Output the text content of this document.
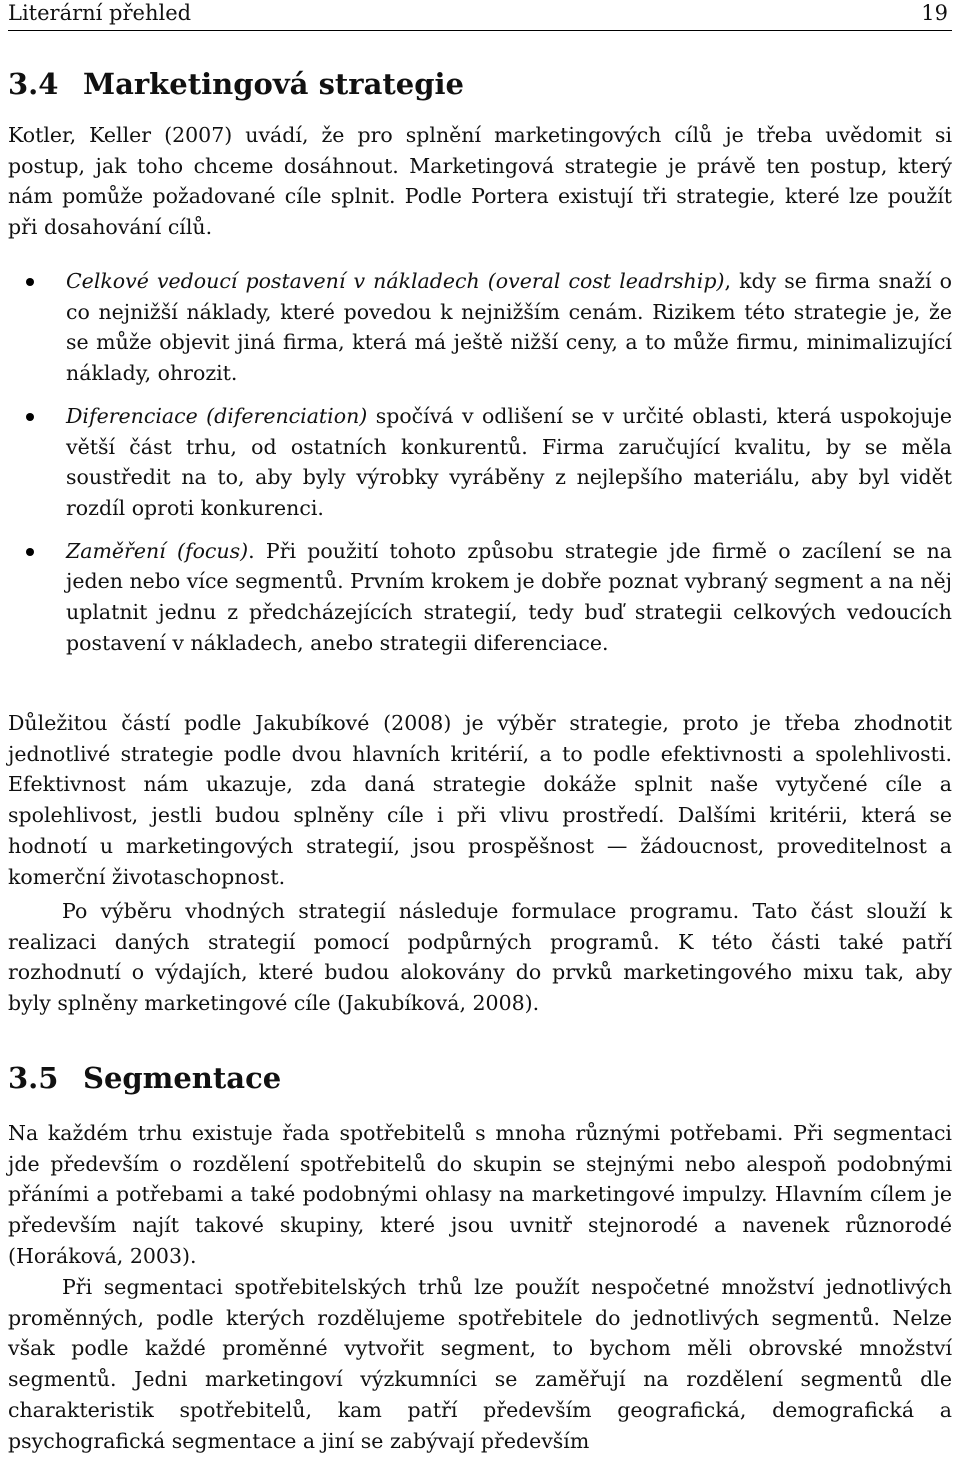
Literární přehled	19
3.4 Marketingová strategie

Kotler, Keller (2007) uvádí, že pro splnění marketingových cílů je třeba uvědomit si postup, jak toho chceme dosáhnout. Marketingová strategie je právě ten postup, který nám pomůže požadované cíle splnit. Podle Portera existují tři strategie, které lze použít při dosahování cílů.

Celkové vedoucí postavení v nákladech (overal cost leadrship), kdy se firma snaží o co nejnižší náklady, které povedou k nejnižším cenám. Rizikem této strategie je, že se může objevit jiná firma, která má ještě nižší ceny, a to může firmu, minimalizující náklady, ohrozit.
Diferenciace (diferenciation) spočívá v odlišení se v určité oblasti, která uspokojuje větší část trhu, od ostatních konkurentů. Firma zaručující kvalitu, by se měla soustředit na to, aby byly výrobky vyráběny z nejlepšího materiálu, aby byl vidět rozdíl oproti konkurenci.
Zaměření (focus). Při použití tohoto způsobu strategie jde firmě o zacílení se na jeden nebo více segmentů. Prvním krokem je dobře poznat vybraný segment a na něj uplatnit jednu z předcházejících strategií, tedy buď strategii celkových vedoucích postavení v nákladech, anebo strategii diferenciace.

Důležitou částí podle Jakubíkové (2008) je výběr strategie, proto je třeba zhodnotit jednotlivé strategie podle dvou hlavních kritérií, a to podle efektivnosti a spolehlivosti. Efektivnost nám ukazuje, zda daná strategie dokáže splnit naše vytyčené cíle a spolehlivost, jestli budou splněny cíle i při vlivu prostředí. Dalšími kritérii, která se hodnotí u marketingových strategií, jsou prospěšnost — žádoucnost, proveditelnost a komerční životaschopnost.

Po výběru vhodných strategií následuje formulace programu. Tato část slouží k realizaci daných strategií pomocí podpůrných programů. K této části také patří rozhodnutí o výdajích, které budou alokovány do prvků marketingového mixu tak, aby byly splněny marketingové cíle (Jakubíková, 2008).

3.5 Segmentace

Na každém trhu existuje řada spotřebitelů s mnoha různými potřebami. Při segmentaci jde především o rozdělení spotřebitelů do skupin se stejnými nebo alespoň podobnými přáními a potřebami a také podobnými ohlasy na marketingové impulzy. Hlavním cílem je především najít takové skupiny, které jsou uvnitř stejnorodé a navenek různorodé (Horáková, 2003).

Při segmentaci spotřebitelských trhů lze použít nespočetné množství jednotlivých proměnných, podle kterých rozdělujeme spotřebitele do jednotlivých segmentů. Nelze však podle každé proměnné vytvořit segment, to bychom měli obrovské množství segmentů. Jedni marketingoví výzkumníci se zaměřují na rozdělení segmentů dle charakteristik spotřebitelů, kam patří především geografická, demografická a psychografická segmentace a jiní se zabývají především
